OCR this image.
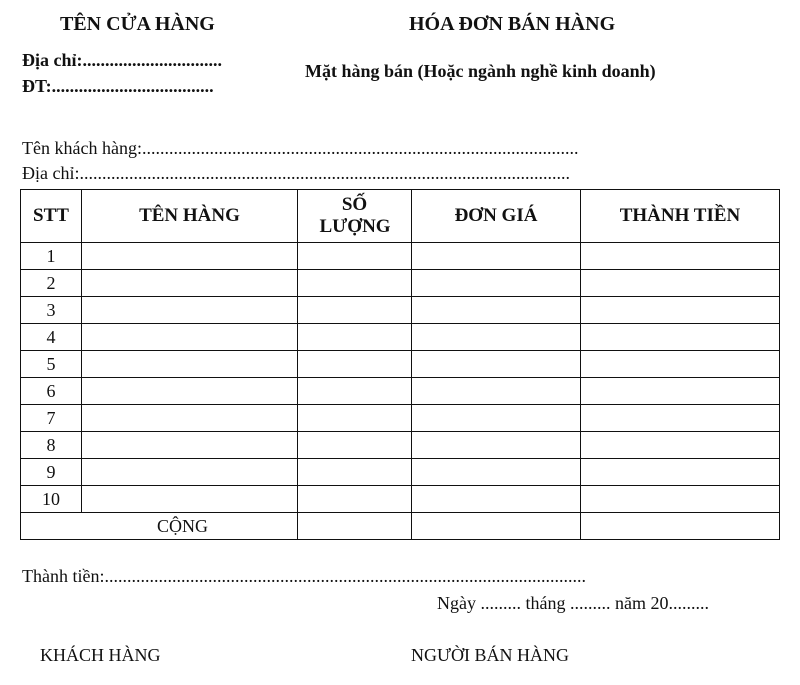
TÊN CỬA HÀNG	HÓA ĐƠN BÁN HÀNG
Địa chỉ:...............................
ĐT:....................................
Mặt hàng bán (Hoặc ngành nghề kinh doanh)
Tên khách hàng:.................................................................................................
Địa chỉ:.............................................................................................................
STT	TÊN HÀNG	SỐ LƯỢNG	ĐƠN GIÁ	THÀNH TIỀN
1				
2				
3				
4				
5				
6				
7				
8				
9				
10				
CỘNG				
Thành tiền:...........................................................................................................
Ngày ......... tháng ......... năm 20.........
KHÁCH HÀNG	NGƯỜI BÁN HÀNG
